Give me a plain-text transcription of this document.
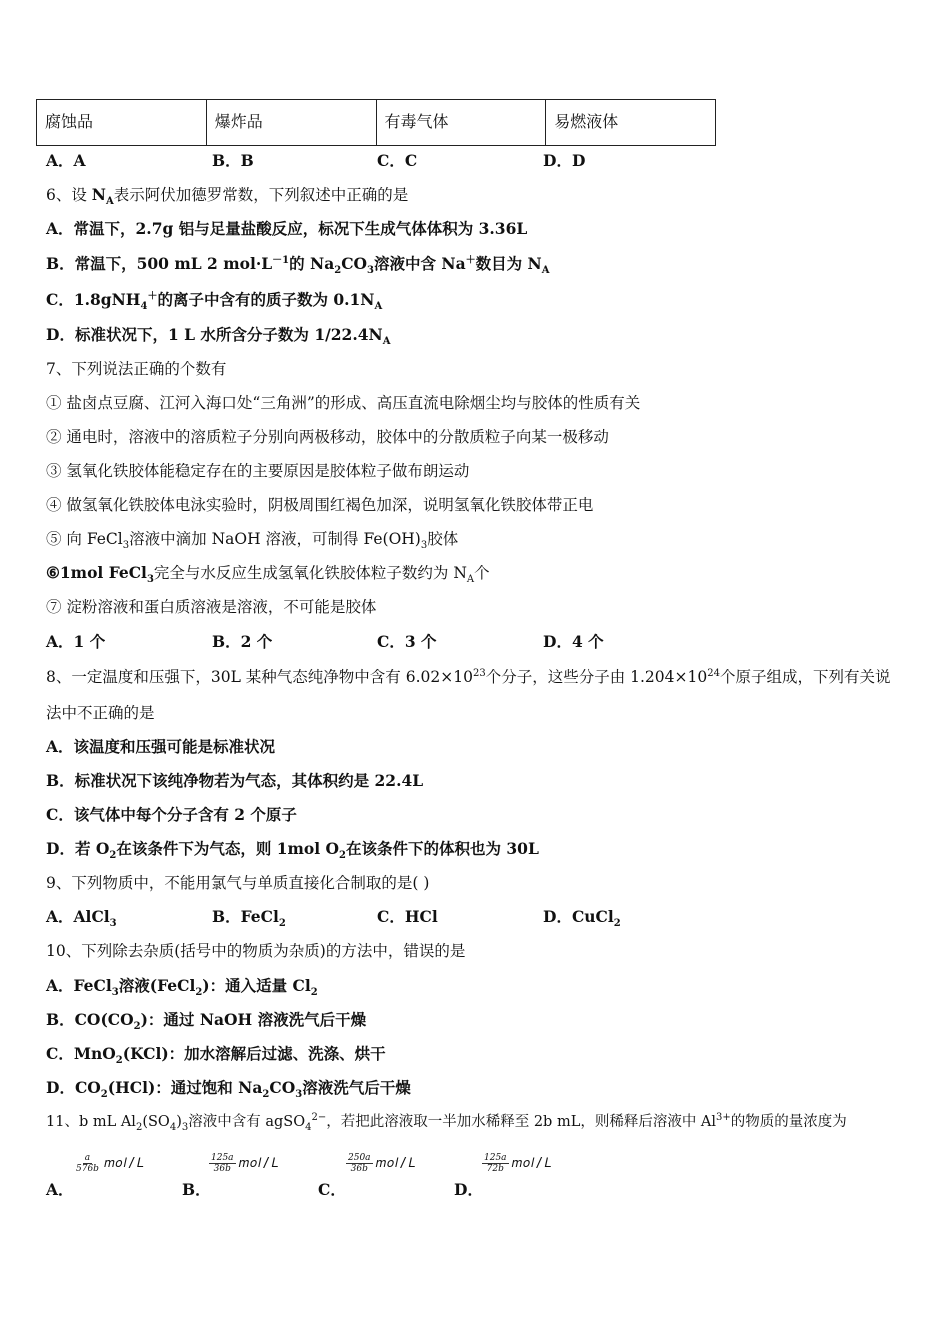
腐蚀品	爆炸品	有毒气体	易燃液体
A．A	B．B	C．C	D．D
6、设 $N_A$表示阿伏加德罗常数，下列叙述中正确的是
A．常温下，2.7g 铝与足量盐酸反应，标况下生成气体体积为 3.36L
B．常温下，500 mL 2 $mol\cdot L^{-1}$的 $Na_2CO_3$溶液中含 Na＋数目为 $N_A$
C．1.8gNH$_4$＋的离子中含有的质子数为 $0.1N_A$
D．标准状况下，1 L 水所含分子数为 $1/22.4N_A$
7、下列说法正确的个数有
① 盐卤点豆腐、江河入海口处“三角洲”的形成、高压直流电除烟尘均与胶体的性质有关
② 通电时，溶液中的溶质粒子分别向两极移动，胶体中的分散质粒子向某一极移动
③ 氢氧化铁胶体能稳定存在的主要原因是胶体粒子做布朗运动
④ 做氢氧化铁胶体电泳实验时，阴极周围红褐色加深，说明氢氧化铁胶体带正电
⑤ 向 FeCl$_3$溶液中滴加 NaOH 溶液，可制得 $Fe(OH)_3$胶体
⑥1mol FeCl$_3$完全与水反应生成氢氧化铁胶体粒子数约为 $N_A$个
⑦ 淀粉溶液和蛋白质溶液是溶液，不可能是胶体
A．1 个	B．2 个	C．3 个	D．4 个
8、一定温度和压强下，30L 某种气态纯净物中含有 $6.02\times 10^{23}$个分子，这些分子由 $1.204\times 10^{24}$个原子组成，下列有关说
法中不正确的是
A．该温度和压强可能是标准状况
B．标准状况下该纯净物若为气态，其体积约是 22.4L
C．该气体中每个分子含有 2 个原子
D．若 $O_2$在该条件下为气态，则 1mol $O_2$在该条件下的体积也为 30L
9、下列物质中，不能用氯气与单质直接化合制取的是( )
A．AlCl$_3$	B．FeCl$_2$	C．HCl	D．CuCl$_2$
10、下列除去杂质(括号中的物质为杂质)的方法中，错误的是
A．FeCl$_3$溶液(FeCl$_2$)：通入适量 $Cl_2$
B．$CO(CO_2)$：通过 NaOH 溶液洗气后干燥
C．MnO$_2$(KCl)：加水溶解后过滤、洗涤、烘干
D．$CO_2(HCl)$：通过饱和 $Na_2CO_3$溶液洗气后干燥
11、b mL $Al_2(SO_4)_3$溶液中含有 agSO$_4^{2-}$，若把此溶液取一半加水稀释至 2b mL，则稀释后溶液中 $Al^{3+}$的物质的量浓度为
A．
$\frac{\text{𝑎}}{\text{576𝑏}}$ 𝑚𝑜𝑙/𝐿
B．
$\frac{\text{125𝑎}}{\text{36𝑏}}$ 𝑚𝑜𝑙/𝐿
C．
$\frac{\text{250𝑎}}{\text{36𝑏}}$ 𝑚𝑜𝑙/𝐿
D．
$\frac{\text{125𝑎}}{\text{72𝑏}}$ 𝑚𝑜𝑙/𝐿
